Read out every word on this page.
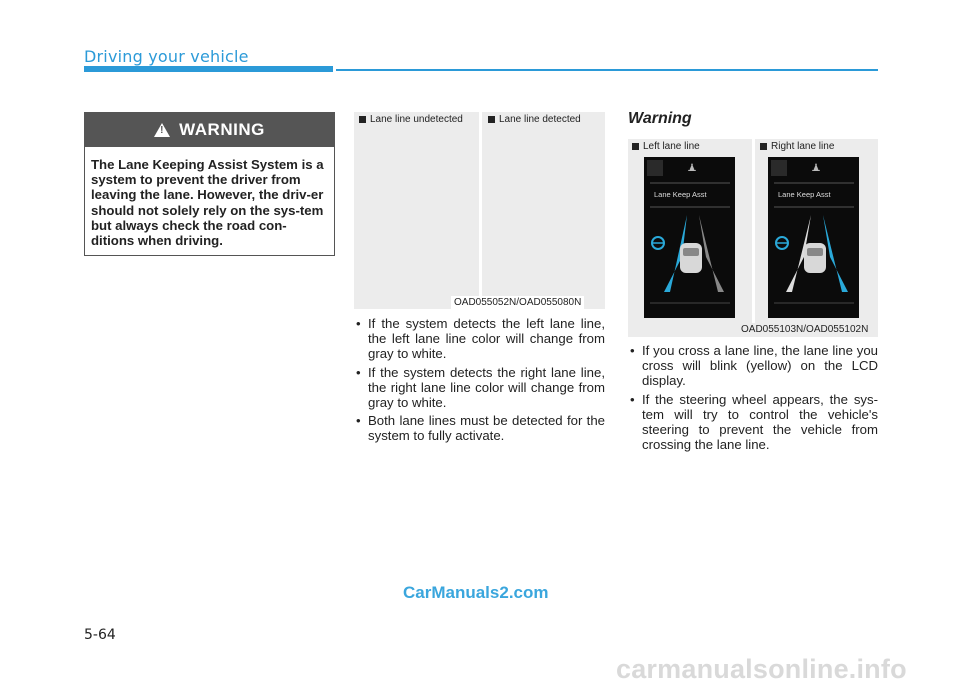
Driving your vehicle
! WARNING
The Lane Keeping Assist System is a system to prevent the driver from leaving the lane. However, the driv-er should not solely rely on the sys-tem but always check the road con-ditions when driving.
Lane line undetected	Lane line detected
OAD055052N/OAD055080N
• If the system detects the left lane line, the left lane line color will change from gray to white.
• If the system detects the right lane line, the right lane line color will change from gray to white.
• Both lane lines must be detected for the system to fully activate.
Warning
Left lane line	Right lane line
Lane Keep Asst	Lane Keep Asst
OAD055103N/OAD055102N
• If you cross a lane line, the lane line you cross will blink (yellow) on the LCD display.
• If the steering wheel appears, the sys-tem will try to control the vehicle's steering to prevent the vehicle from crossing the lane line.
5-64
CarManuals2.com
carmanualsonline.info
